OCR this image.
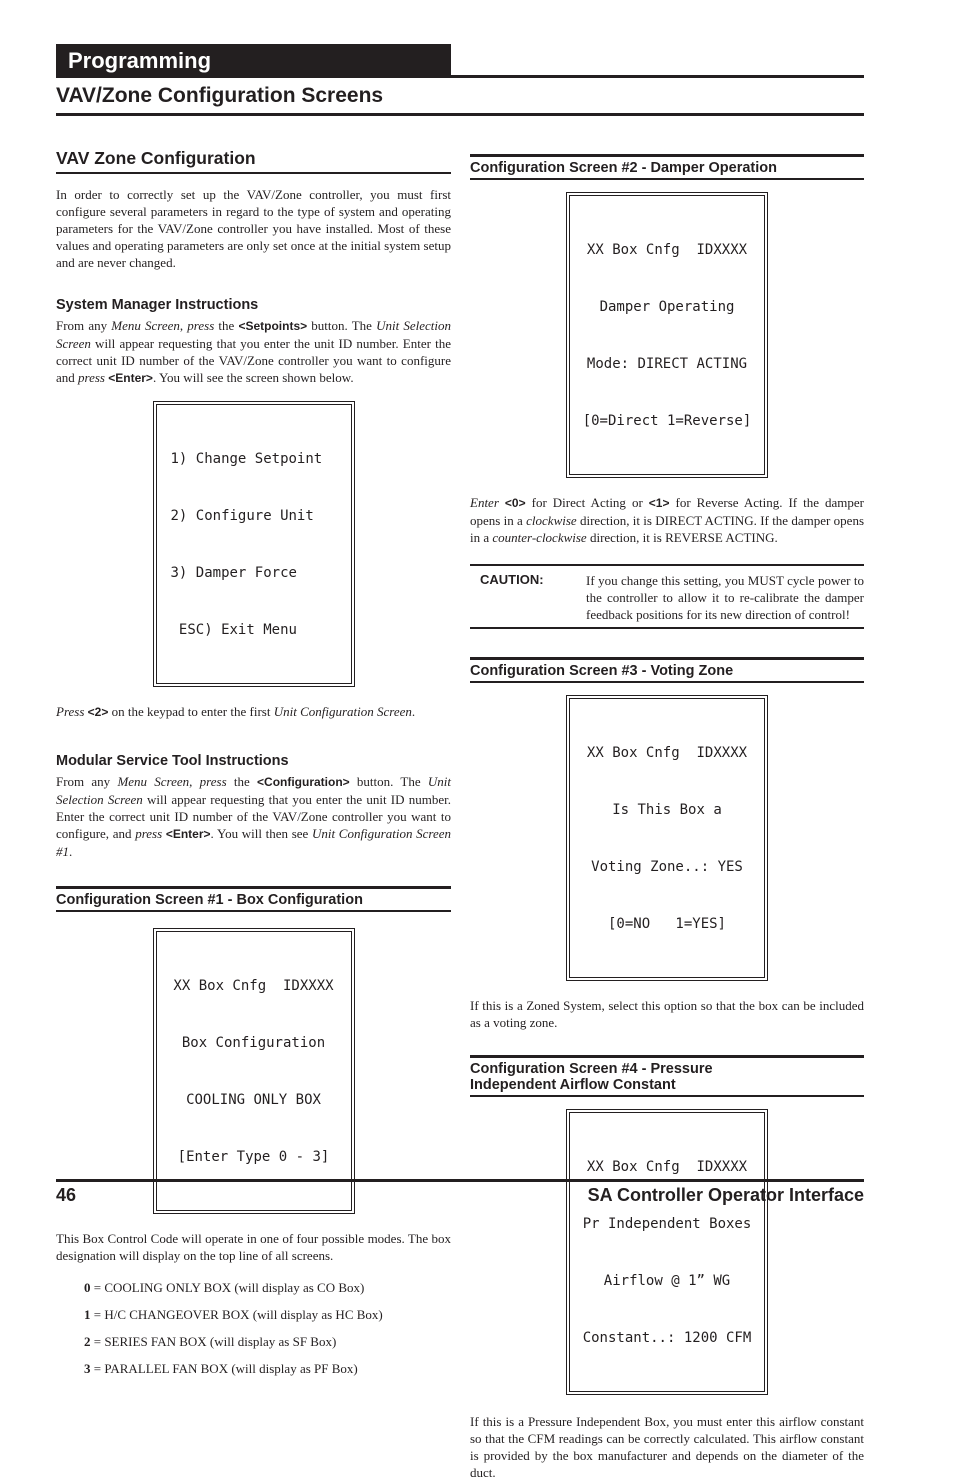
Programming
VAV/Zone Configuration Screens
VAV Zone Configuration

In order to correctly set up the VAV/Zone controller, you must first configure several parameters in regard to the type of system and operating parameters for the VAV/Zone controller you have installed. Most of these values and operating parameters are only set once at the initial system setup and are never changed.

System Manager Instructions

From any Menu Screen, press the <Setpoints> button. The Unit Selection Screen will appear requesting that you enter the unit ID number. Enter the correct unit ID number of the VAV/Zone controller you want to configure and press <Enter>. You will see the screen shown below.

1) Change Setpoint

2) Configure Unit

3) Damper Force

ESC) Exit Menu

Press <2> on the keypad to enter the first Unit Configuration Screen.

Modular Service Tool Instructions

From any Menu Screen, press the <Configuration> button. The Unit Selection Screen will appear requesting that you enter the unit ID number. Enter the correct unit ID number of the VAV/Zone controller you want to configure, and press <Enter>. You will then see Unit Configuration Screen #1.

Configuration Screen #1 - Box Configuration

XX Box Cnfg  IDXXXX

Box Configuration

COOLING ONLY BOX

[Enter Type 0 - 3]

This Box Control Code will operate in one of four possible modes. The box designation will display on the top line of all screens.

0 = COOLING ONLY BOX (will display as CO Box)
1 = H/C CHANGEOVER BOX (will display as HC Box)
2 = SERIES FAN BOX (will display as SF Box)
3 = PARALLEL FAN BOX (will display as PF Box)
Configuration Screen #2 - Damper Operation

XX Box Cnfg  IDXXXX

Damper Operating

Mode: DIRECT ACTING

[0=Direct 1=Reverse]

Enter <0> for Direct Acting or <1> for Reverse Acting. If the damper opens in a clockwise direction, it is DIRECT ACTING. If the damper opens in a counter-clockwise direction, it is REVERSE ACTING.

CAUTION:	If you change this setting, you MUST cycle power to the controller to allow it to re-calibrate the damper feedback positions for its new direction of control!
Configuration Screen #3 - Voting Zone

XX Box Cnfg  IDXXXX

Is This Box a

Voting Zone..: YES

[0=NO   1=YES]

If this is a Zoned System, select this option so that the box can be included as a voting zone.

Configuration Screen #4 - Pressure
Independent Airflow Constant

XX Box Cnfg  IDXXXX

Pr Independent Boxes

Airflow @ 1” WG

Constant..: 1200 CFM

If this is a Pressure Independent Box, you must enter this airflow constant so that the CFM readings can be correctly calculated. This airflow constant is provided by the box manufacturer and depends on the diameter of the duct.

46	SA Controller Operator Interface
